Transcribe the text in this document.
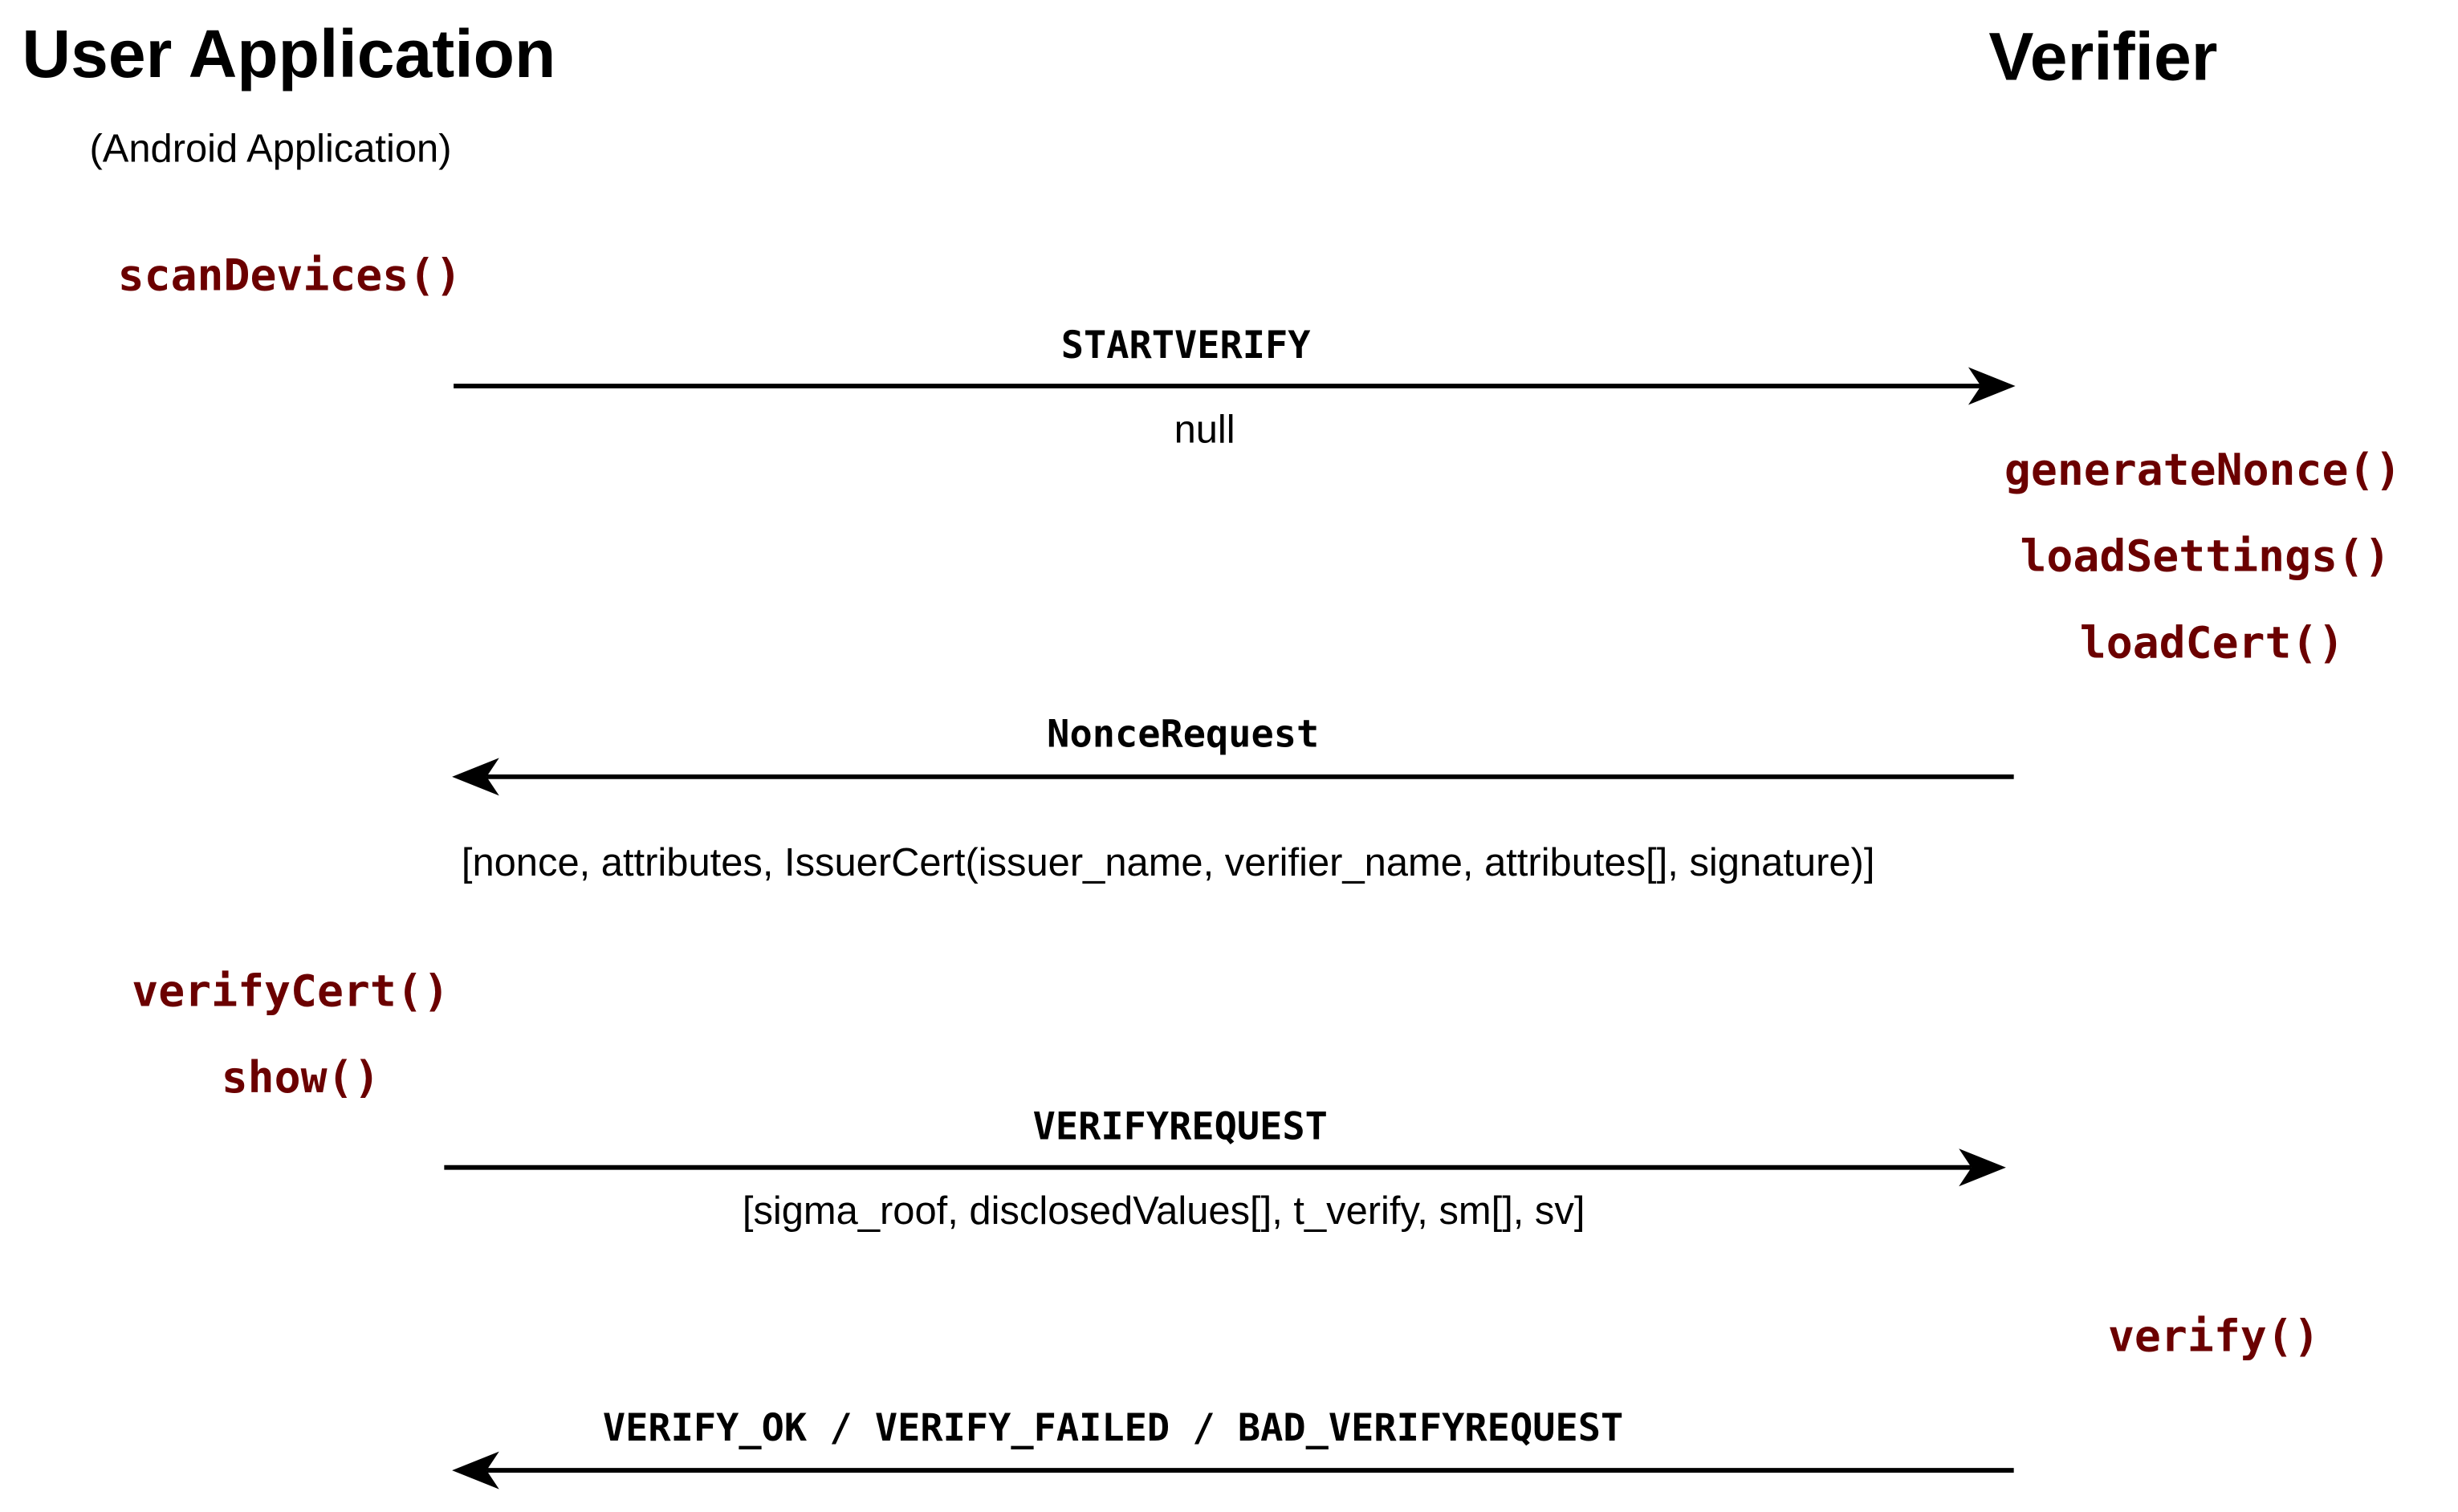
User Application
(Android Application)
Verifier
scanDevices()
generateNonce()
loadSettings()
loadCert()
verifyCert()
show()
verify()
STARTVERIFY
null
NonceRequest
[nonce, attributes, IssuerCert(issuer_name, verifier_name, attributes[], signature)]
VERIFYREQUEST
[sigma_roof, disclosedValues[], t_verify, sm[], sv]
VERIFY_OK / VERIFY_FAILED / BAD_VERIFYREQUEST
